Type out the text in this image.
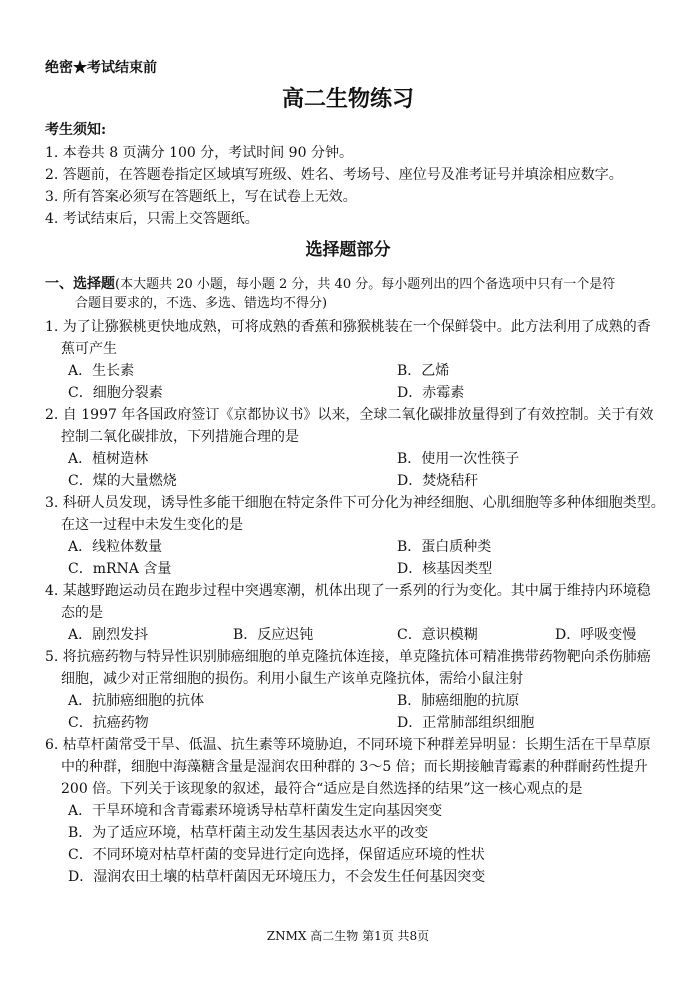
绝密★考试结束前
高二生物练习
考生须知:
1. 本卷共 8 页满分 100 分，考试时间 90 分钟。
2. 答题前，在答题卷指定区域填写班级、姓名、考场号、座位号及准考证号并填涂相应数字。
3. 所有答案必须写在答题纸上，写在试卷上无效。
4. 考试结束后，只需上交答题纸。
选择题部分
一、选择题(本大题共 20 小题，每小题 2 分，共 40 分。每小题列出的四个备选项中只有一个是符
合题目要求的，不选、多选、错选均不得分)
1. 为了让猕猴桃更快地成熟，可将成熟的香蕉和猕猴桃装在一个保鲜袋中。此方法利用了成熟的香
蕉可产生
A．生长素	B．乙烯
C．细胞分裂素	D．赤霉素
2. 自 1997 年各国政府签订《京都协议书》以来，全球二氧化碳排放量得到了有效控制。关于有效
控制二氧化碳排放，下列措施合理的是
A．植树造林	B．使用一次性筷子
C．煤的大量燃烧	D．焚烧秸秆
3. 科研人员发现，诱导性多能干细胞在特定条件下可分化为神经细胞、心肌细胞等多种体细胞类型。
在这一过程中未发生变化的是
A．线粒体数量	B．蛋白质种类
C．mRNA 含量	D．核基因类型
4. 某越野跑运动员在跑步过程中突遇寒潮，机体出现了一系列的行为变化。其中属于维持内环境稳
态的是
A．剧烈发抖	B．反应迟钝	C．意识模糊	D．呼吸变慢
5. 将抗癌药物与特异性识别肺癌细胞的单克隆抗体连接，单克隆抗体可精准携带药物靶向杀伤肺癌
细胞，减少对正常细胞的损伤。利用小鼠生产该单克隆抗体，需给小鼠注射
A．抗肺癌细胞的抗体	B．肺癌细胞的抗原
C．抗癌药物	D．正常肺部组织细胞
6. 枯草杆菌常受干旱、低温、抗生素等环境胁迫，不同环境下种群差异明显：长期生活在干旱草原
中的种群，细胞中海藻糖含量是湿润农田种群的 3～5 倍；而长期接触青霉素的种群耐药性提升
200 倍。下列关于该现象的叙述，最符合“适应是自然选择的结果”这一核心观点的是
A．干旱环境和含青霉素环境诱导枯草杆菌发生定向基因突变
B．为了适应环境，枯草杆菌主动发生基因表达水平的改变
C．不同环境对枯草杆菌的变异进行定向选择，保留适应环境的性状
D．湿润农田土壤的枯草杆菌因无环境压力，不会发生任何基因突变
ZNMX 高二生物 第1页 共8页
